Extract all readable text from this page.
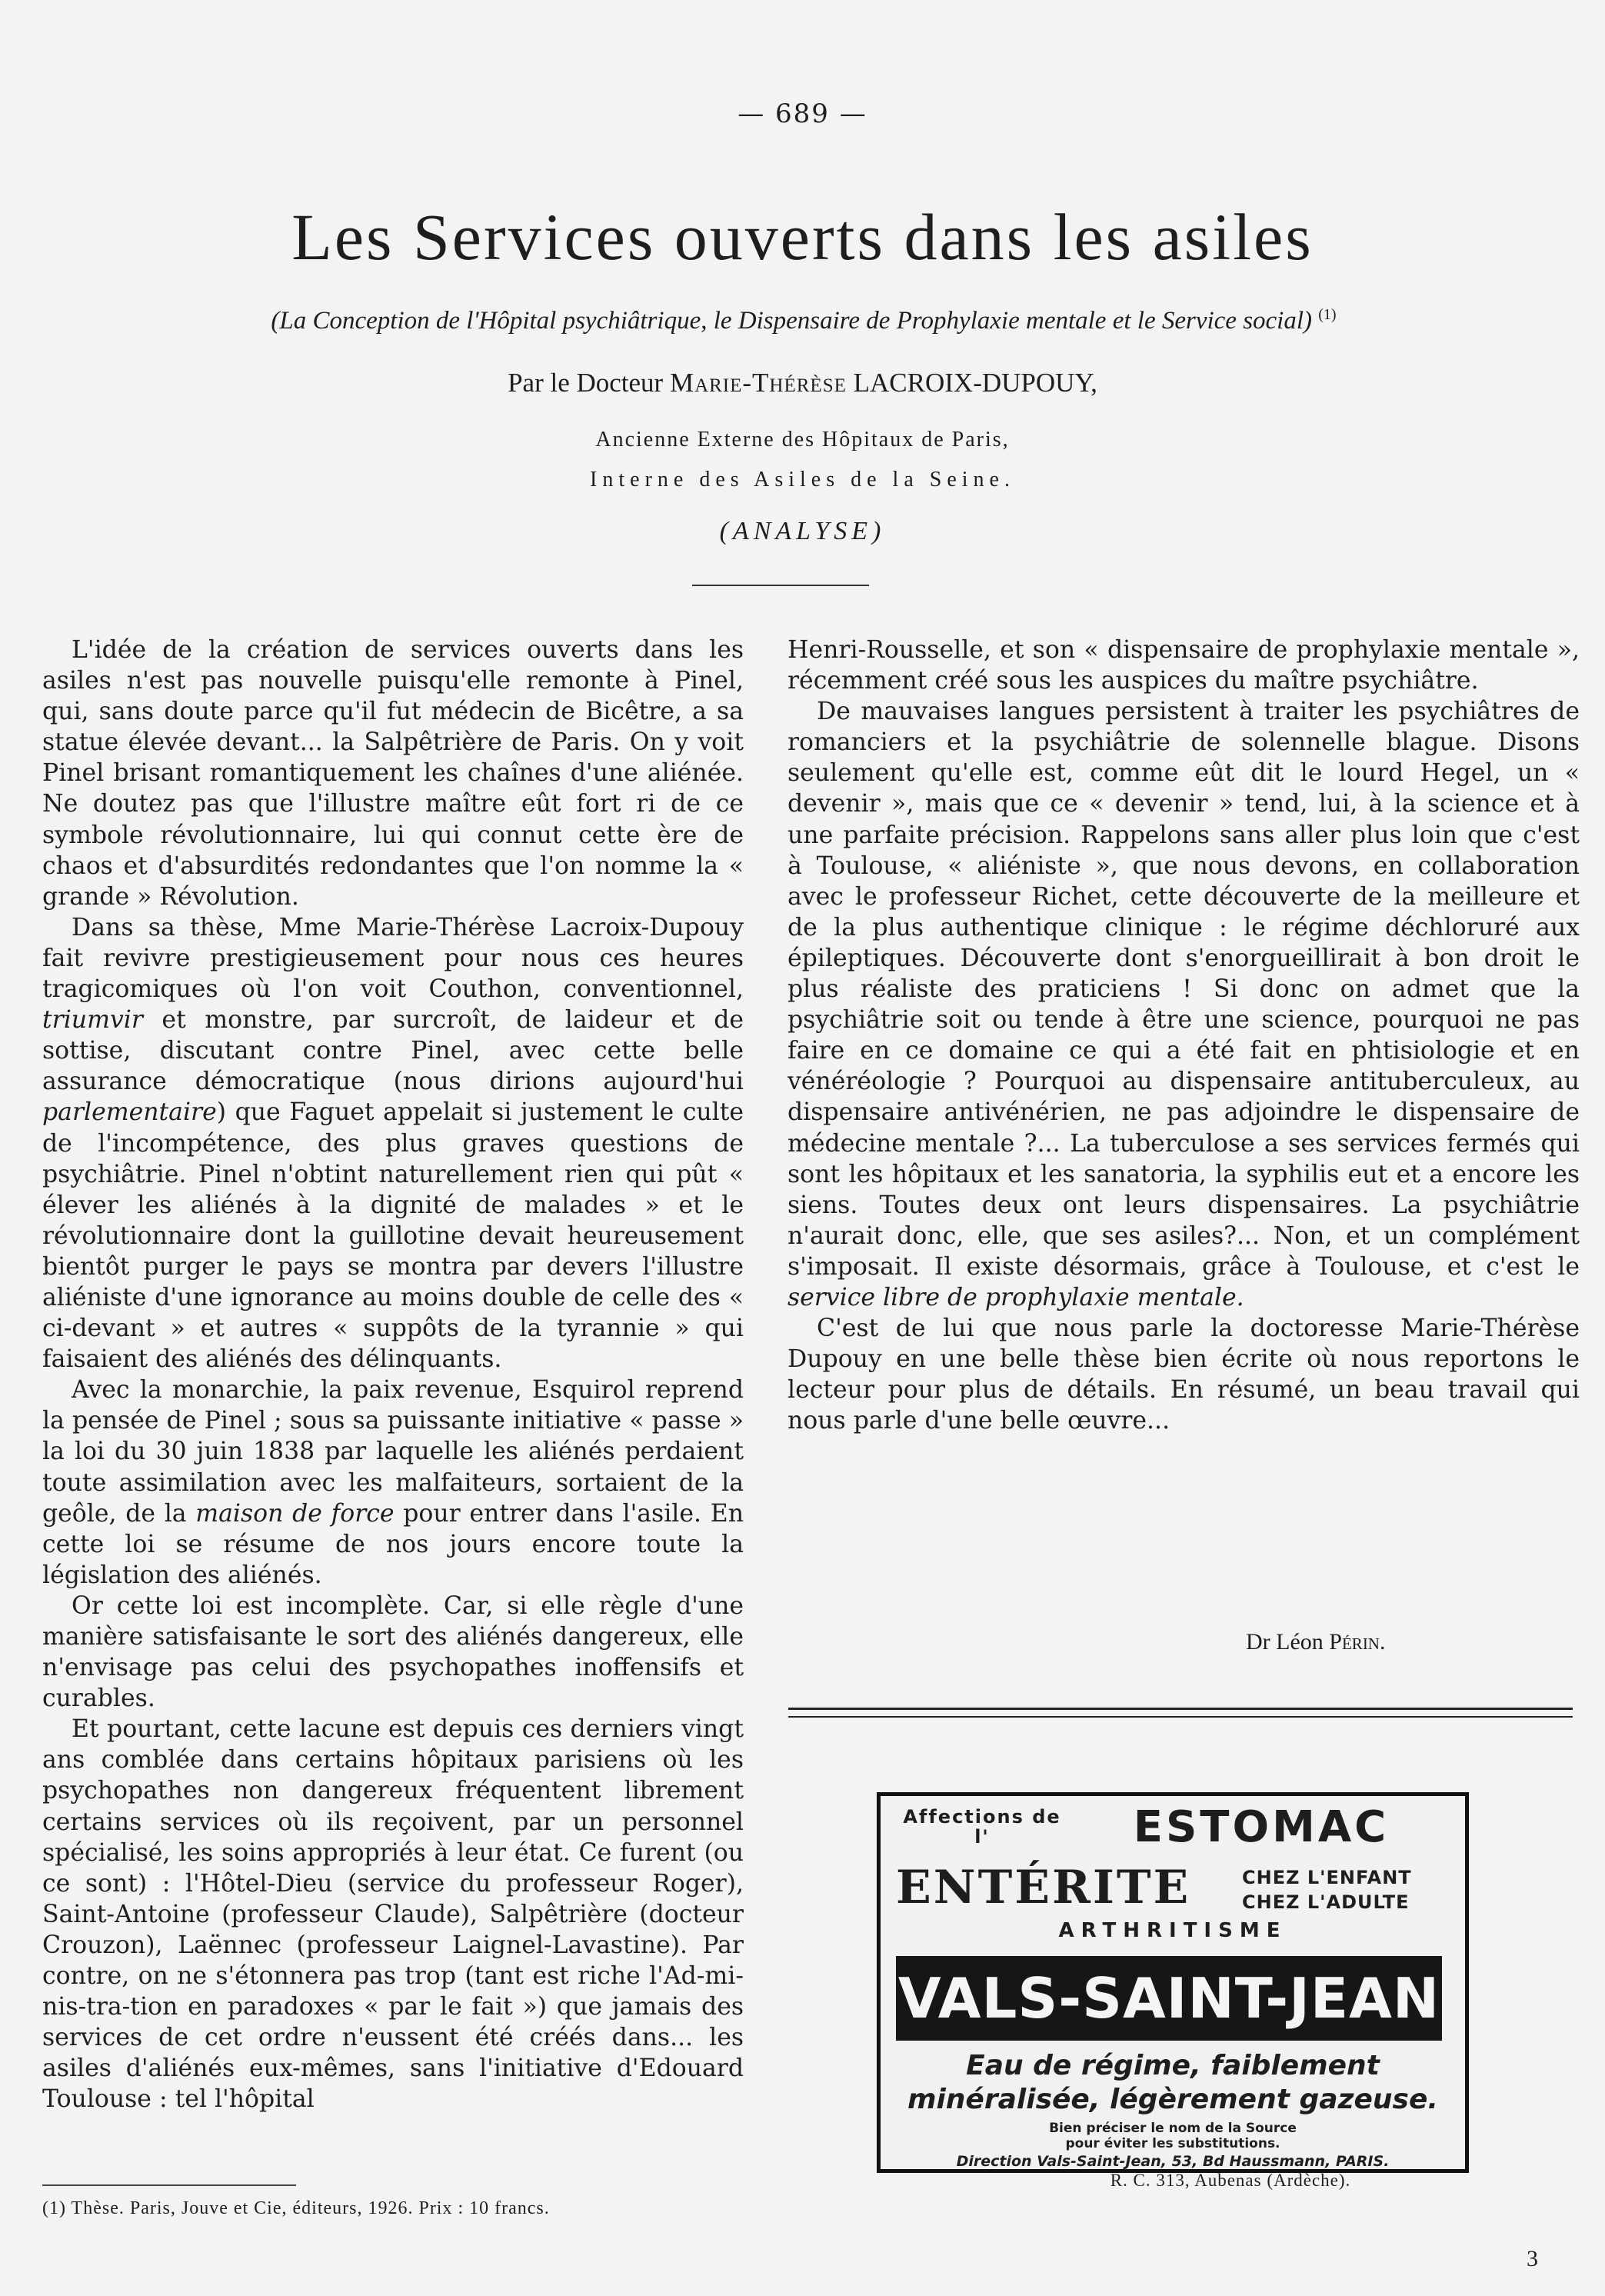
— 689 —
Les Services ouverts dans les asiles
(La Conception de l'Hôpital psychiâtrique, le Dispensaire de Prophylaxie mentale et le Service social) $^{(1)}$
Par le Docteur Marie-Thérèse LACROIX-DUPOUY,
Ancienne Externe des Hôpitaux de Paris,
Interne des Asiles de la Seine.
(ANALYSE)

L'idée de la création de services ouverts dans les asiles n'est pas nouvelle puisqu'elle remonte à Pinel, qui, sans doute parce qu'il fut médecin de Bicêtre, a sa statue élevée devant... la Salpêtrière de Paris. On y voit Pinel brisant romantiquement les chaînes d'une aliénée. Ne doutez pas que l'illustre maître eût fort ri de ce symbole révolutionnaire, lui qui connut cette ère de chaos et d'absurdités redondantes que l'on nomme la « grande » Révolution.

Dans sa thèse, Mme Marie-Thérèse Lacroix-Dupouy fait revivre prestigieusement pour nous ces heures tragicomiques où l'on voit Couthon, conventionnel, triumvir et monstre, par surcroît, de laideur et de sottise, discutant contre Pinel, avec cette belle assurance démocratique (nous dirions aujourd'hui parlementaire) que Faguet appelait si justement le culte de l'incompétence, des plus graves questions de psychiâtrie. Pinel n'obtint naturellement rien qui pût « élever les aliénés à la dignité de malades » et le révolutionnaire dont la guillotine devait heureusement bientôt purger le pays se montra par devers l'illustre aliéniste d'une ignorance au moins double de celle des « ci-devant » et autres « suppôts de la tyrannie » qui faisaient des aliénés des délinquants.

Avec la monarchie, la paix revenue, Esquirol reprend la pensée de Pinel ; sous sa puissante initiative « passe » la loi du 30 juin 1838 par laquelle les aliénés perdaient toute assimilation avec les malfaiteurs, sortaient de la geôle, de la maison de force pour entrer dans l'asile. En cette loi se résume de nos jours encore toute la législation des aliénés.

Or cette loi est incomplète. Car, si elle règle d'une manière satisfaisante le sort des aliénés dangereux, elle n'envisage pas celui des psychopathes inoffensifs et curables.

Et pourtant, cette lacune est depuis ces derniers vingt ans comblée dans certains hôpitaux parisiens où les psychopathes non dangereux fréquentent librement certains services où ils reçoivent, par un personnel spécialisé, les soins appropriés à leur état. Ce furent (ou ce sont) : l'Hôtel-Dieu (service du professeur Roger), Saint-Antoine (professeur Claude), Salpêtrière (docteur Crouzon), Laënnec (professeur Laignel-Lavastine). Par contre, on ne s'étonnera pas trop (tant est riche l'Ad-mi-nis-tra-tion en paradoxes « par le fait ») que jamais des services de cet ordre n'eussent été créés dans... les asiles d'aliénés eux-mêmes, sans l'initiative d'Edouard Toulouse : tel l'hôpital

Henri-Rousselle, et son « dispensaire de prophylaxie mentale », récemment créé sous les auspices du maître psychiâtre.

De mauvaises langues persistent à traiter les psychiâtres de romanciers et la psychiâtrie de solennelle blague. Disons seulement qu'elle est, comme eût dit le lourd Hegel, un « devenir », mais que ce « devenir » tend, lui, à la science et à une parfaite précision. Rappelons sans aller plus loin que c'est à Toulouse, « aliéniste », que nous devons, en collaboration avec le professeur Richet, cette découverte de la meilleure et de la plus authentique clinique : le régime déchloruré aux épileptiques. Découverte dont s'enorgueillirait à bon droit le plus réaliste des praticiens ! Si donc on admet que la psychiâtrie soit ou tende à être une science, pourquoi ne pas faire en ce domaine ce qui a été fait en phtisiologie et en vénéréologie ? Pourquoi au dispensaire antituberculeux, au dispensaire antivénérien, ne pas adjoindre le dispensaire de médecine mentale ?... La tuberculose a ses services fermés qui sont les hôpitaux et les sanatoria, la syphilis eut et a encore les siens. Toutes deux ont leurs dispensaires. La psychiâtrie n'aurait donc, elle, que ses asiles?... Non, et un complément s'imposait. Il existe désormais, grâce à Toulouse, et c'est le service libre de prophylaxie mentale.

C'est de lui que nous parle la doctoresse Marie-Thérèse Dupouy en une belle thèse bien écrite où nous reportons le lecteur pour plus de détails. En résumé, un beau travail qui nous parle d'une belle œuvre...

Dr Léon Périn.
Affections de l'	ESTOMAC
ENTÉRITE	CHEZ L'ENFANT
CHEZ L'ADULTE
ARTHRITISME
VALS-SAINT-JEAN
Eau de régime, faiblement
minéralisée, légèrement gazeuse.
Bien préciser le nom de la Source
pour éviter les substitutions.
Direction Vals-Saint-Jean, 53, Bd Haussmann, PARIS.
R. C. 313, Aubenas (Ardèche).
(1) Thèse. Paris, Jouve et Cie, éditeurs, 1926. Prix : 10 francs.
3
